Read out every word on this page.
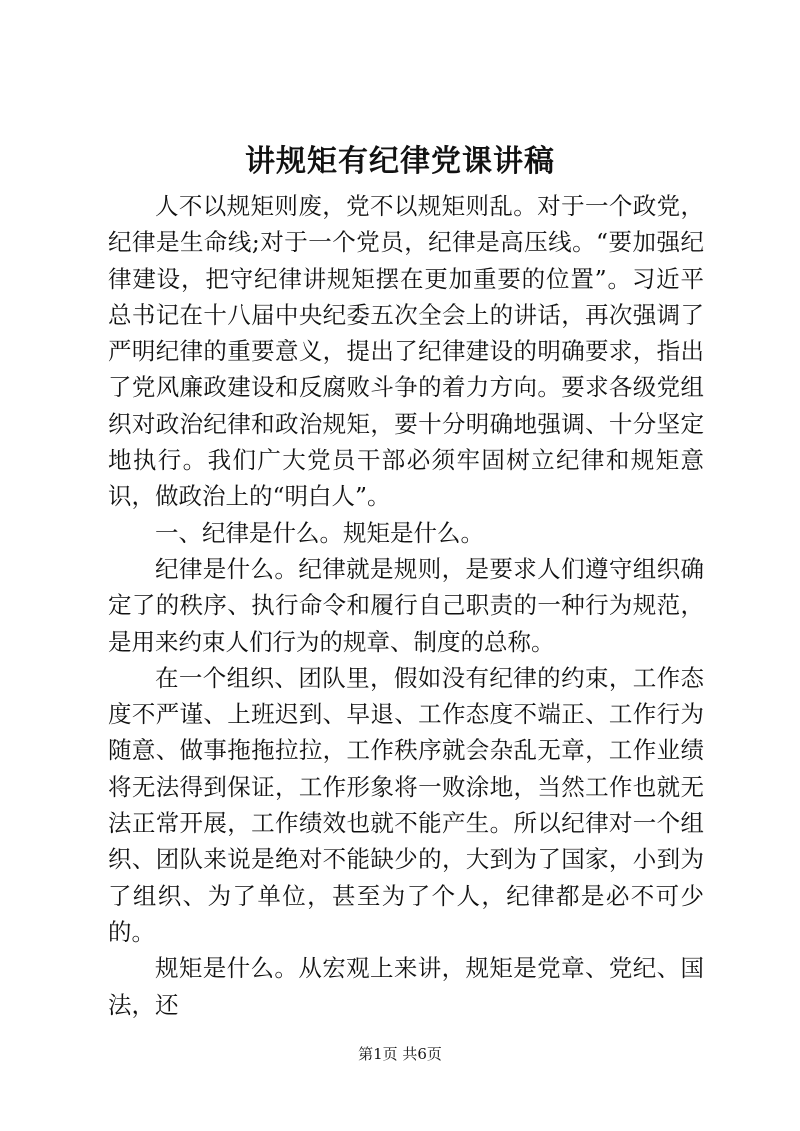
讲规矩有纪律党课讲稿

人不以规矩则废，党不以规矩则乱。对于一个政党，纪律是生命线;对于一个党员，纪律是高压线。“要加强纪律建设，把守纪律讲规矩摆在更加重要的位置”。习近平总书记在十八届中央纪委五次全会上的讲话，再次强调了严明纪律的重要意义，提出了纪律建设的明确要求，指出了党风廉政建设和反腐败斗争的着力方向。要求各级党组织对政治纪律和政治规矩，要十分明确地强调、十分坚定地执行。我们广大党员干部必须牢固树立纪律和规矩意识，做政治上的“明白人”。

一、纪律是什么。规矩是什么。

纪律是什么。纪律就是规则，是要求人们遵守组织确定了的秩序、执行命令和履行自己职责的一种行为规范，是用来约束人们行为的规章、制度的总称。

在一个组织、团队里，假如没有纪律的约束，工作态度不严谨、上班迟到、早退、工作态度不端正、工作行为随意、做事拖拖拉拉，工作秩序就会杂乱无章，工作业绩将无法得到保证，工作形象将一败涂地，当然工作也就无法正常开展，工作绩效也就不能产生。所以纪律对一个组织、团队来说是绝对不能缺少的，大到为了国家，小到为了组织、为了单位，甚至为了个人，纪律都是必不可少的。

规矩是什么。从宏观上来讲，规矩是党章、党纪、国法，还

第1页 共6页
